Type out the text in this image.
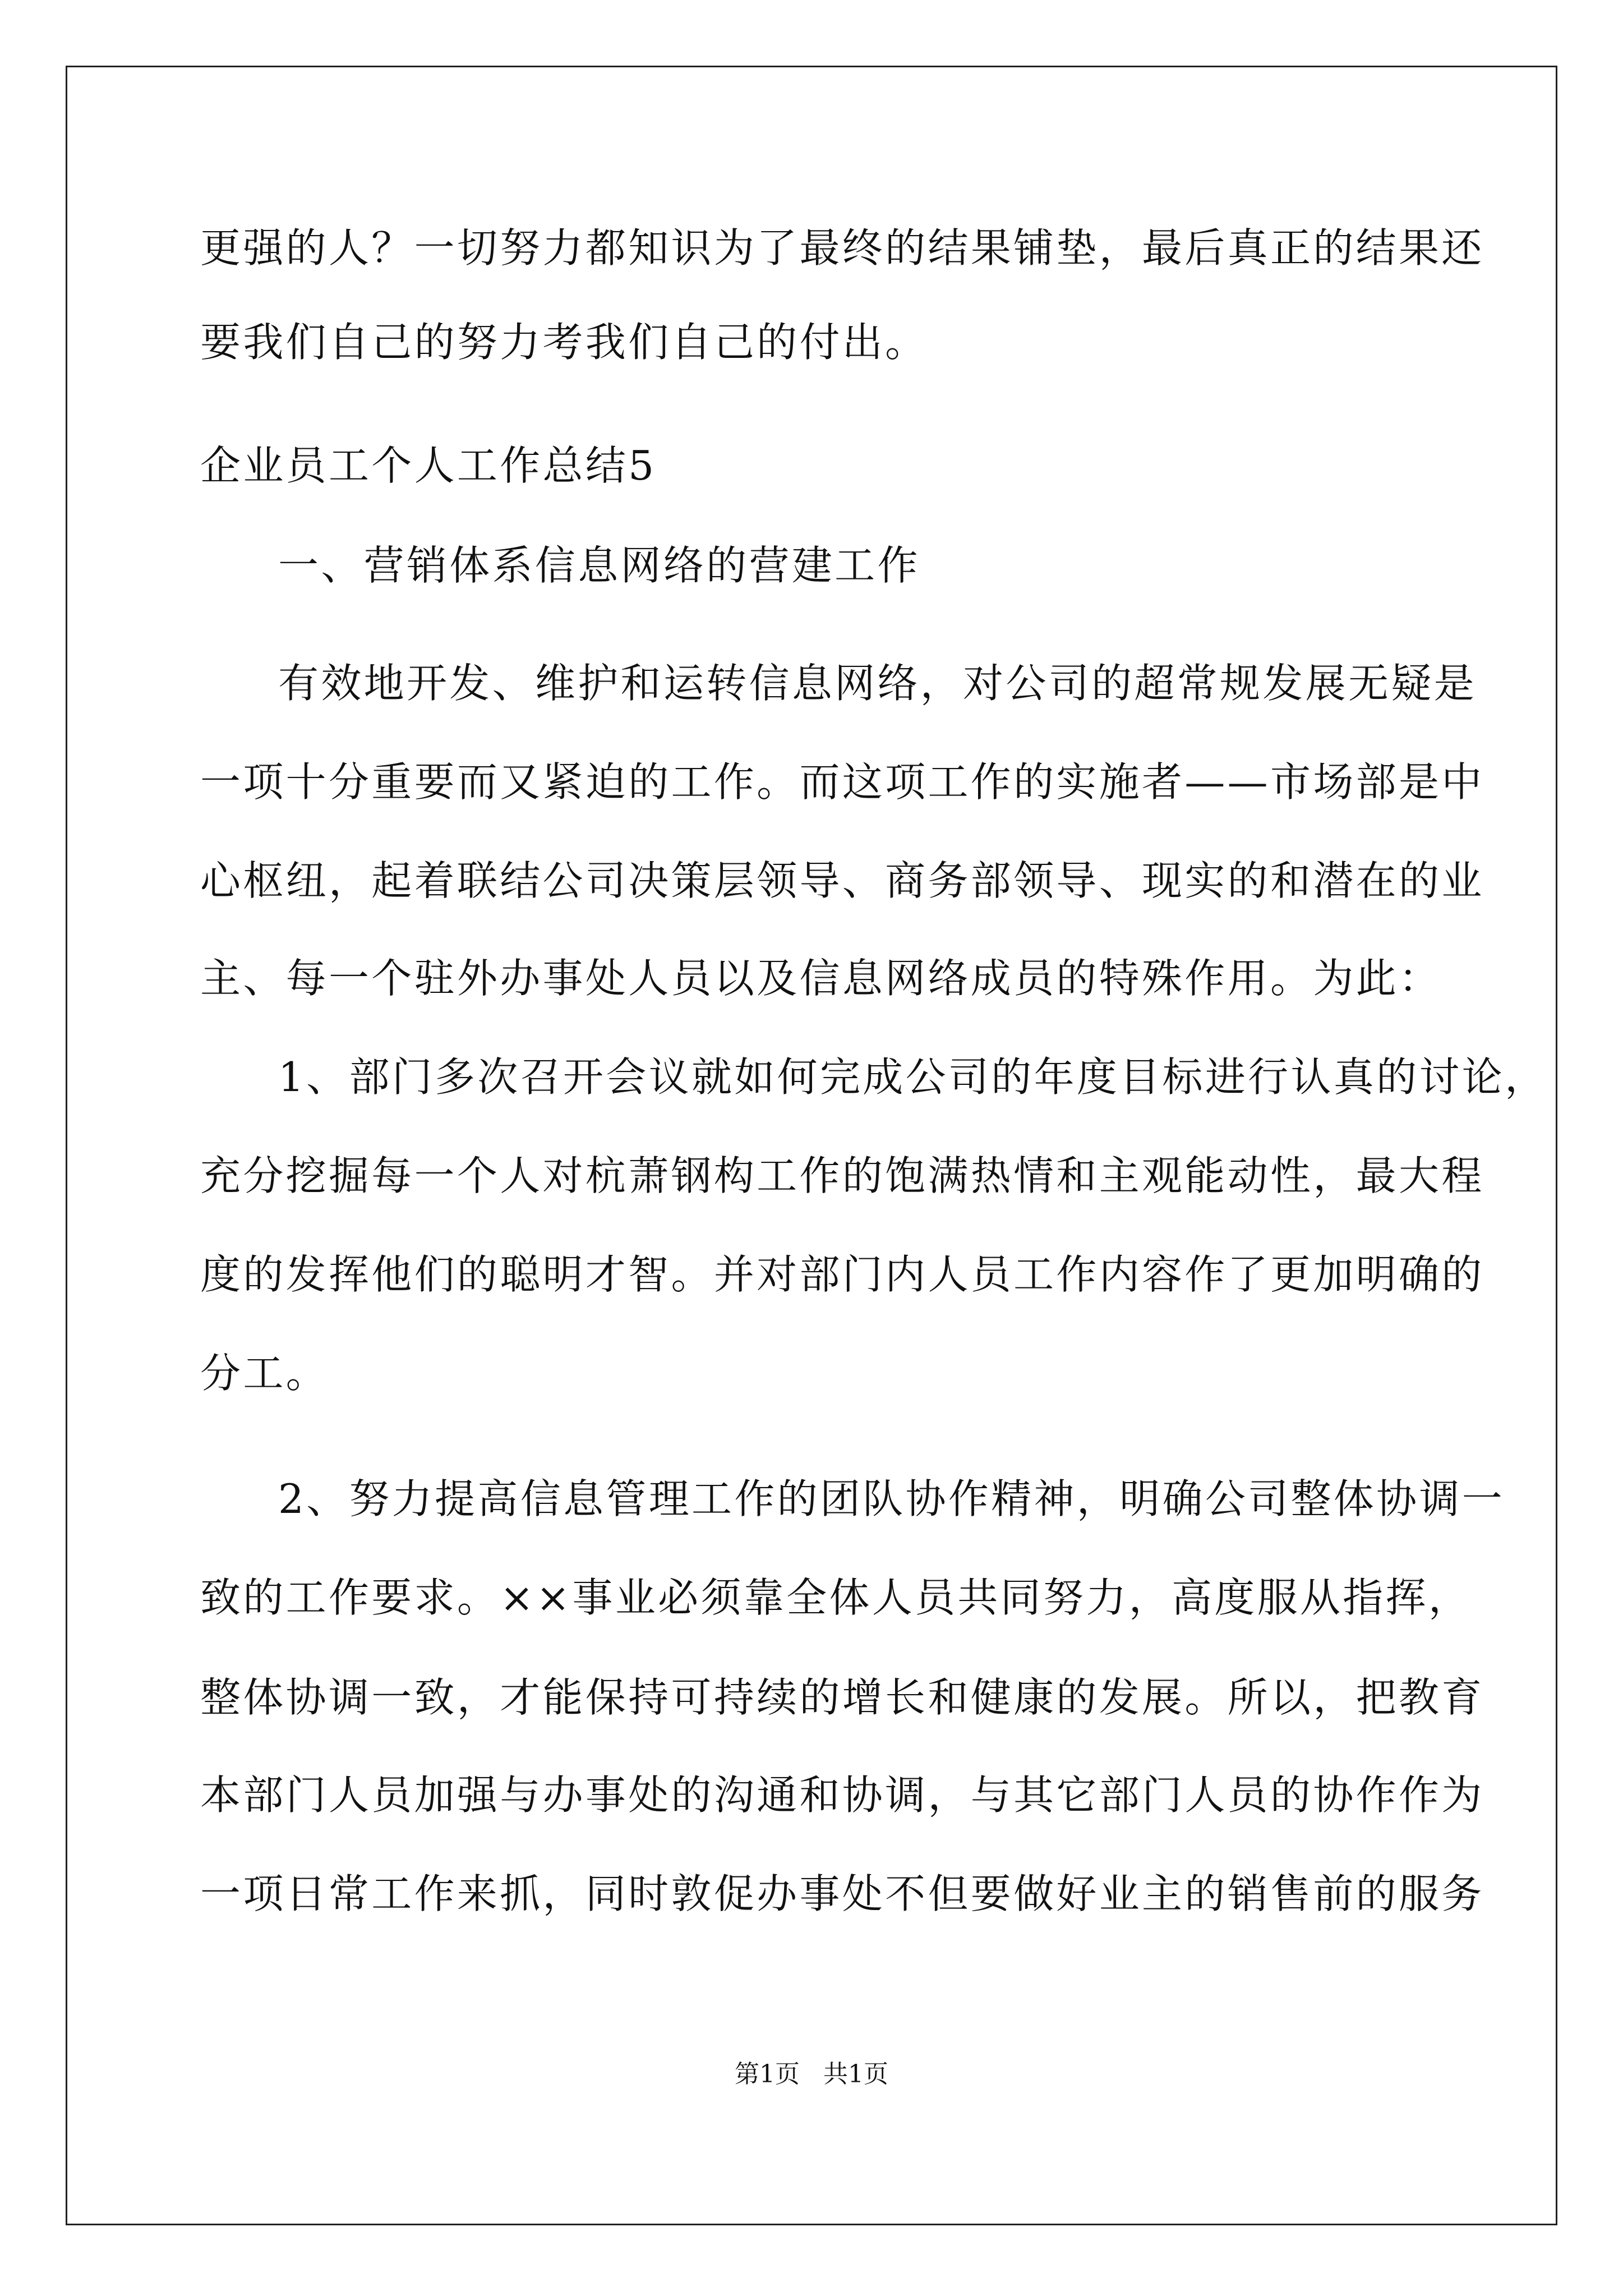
更强的人？一切努力都知识为了最终的结果铺垫，最后真正的结果还
要我们自己的努力考我们自己的付出。
企业员工个人工作总结5
一、营销体系信息网络的营建工作
有效地开发、维护和运转信息网络，对公司的超常规发展无疑是
一项十分重要而又紧迫的工作。而这项工作的实施者——市场部是中
心枢纽，起着联结公司决策层领导、商务部领导、现实的和潜在的业
主、每一个驻外办事处人员以及信息网络成员的特殊作用。为此：
1、部门多次召开会议就如何完成公司的年度目标进行认真的讨论，
充分挖掘每一个人对杭萧钢构工作的饱满热情和主观能动性，最大程
度的发挥他们的聪明才智。并对部门内人员工作内容作了更加明确的
分工。
2、努力提高信息管理工作的团队协作精神，明确公司整体协调一
致的工作要求。××事业必须靠全体人员共同努力，高度服从指挥，
整体协调一致，才能保持可持续的增长和健康的发展。所以，把教育
本部门人员加强与办事处的沟通和协调，与其它部门人员的协作作为
一项日常工作来抓，同时敦促办事处不但要做好业主的销售前的服务
第1页 共1页
